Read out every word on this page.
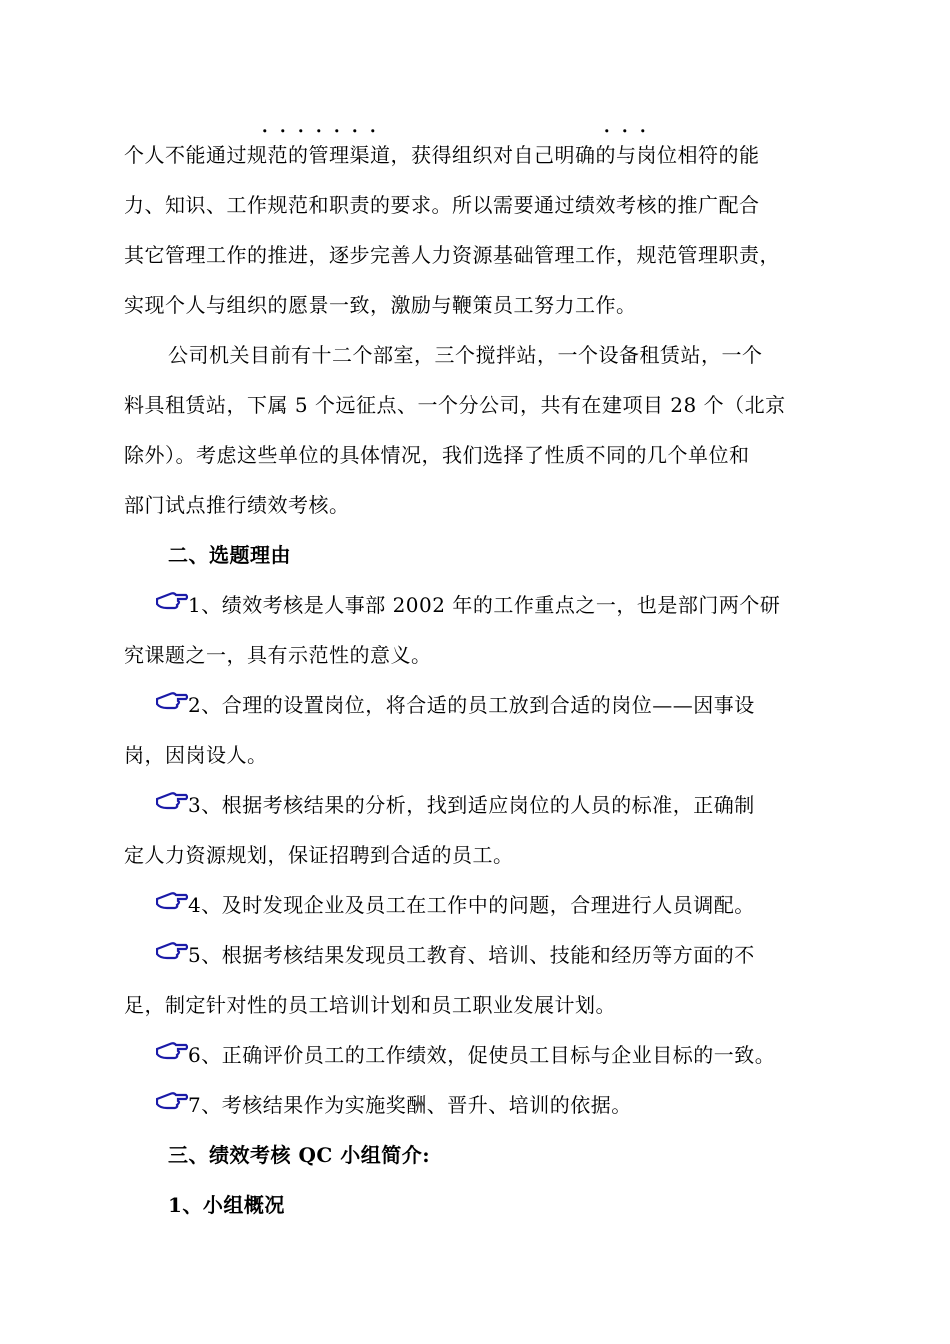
．．．．．．．	．．．
个人不能通过规范的管理渠道，获得组织对自己明确的与岗位相符的能
力、知识、工作规范和职责的要求。所以需要通过绩效考核的推广配合
其它管理工作的推进，逐步完善人力资源基础管理工作，规范管理职责，
实现个人与组织的愿景一致，激励与鞭策员工努力工作。
公司机关目前有十二个部室，三个搅拌站，一个设备租赁站，一个
料具租赁站，下属 5 个远征点、一个分公司，共有在建项目 28 个（北京
除外）。考虑这些单位的具体情况，我们选择了性质不同的几个单位和
部门试点推行绩效考核。
二、选题理由
1、绩效考核是人事部 2002 年的工作重点之一，也是部门两个研
究课题之一，具有示范性的意义。
2、合理的设置岗位，将合适的员工放到合适的岗位——因事设
岗，因岗设人。
3、根据考核结果的分析，找到适应岗位的人员的标准，正确制
定人力资源规划，保证招聘到合适的员工。
4、及时发现企业及员工在工作中的问题，合理进行人员调配。
5、根据考核结果发现员工教育、培训、技能和经历等方面的不
足，制定针对性的员工培训计划和员工职业发展计划。
6、正确评价员工的工作绩效，促使员工目标与企业目标的一致。
7、考核结果作为实施奖酬、晋升、培训的依据。
三、绩效考核 QC 小组简介:
1、小组概况
